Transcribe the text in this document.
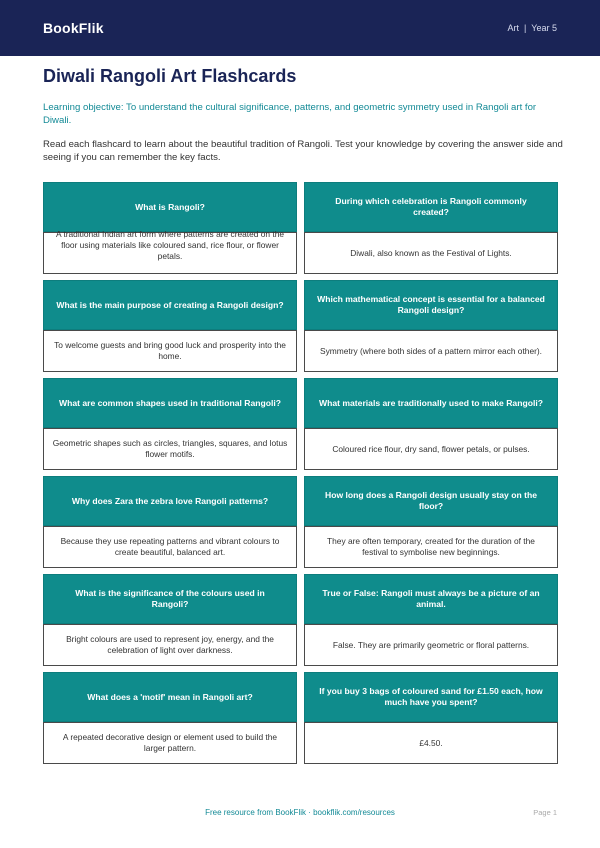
BookFlik	Art | Year 5
Diwali Rangoli Art Flashcards

Learning objective: To understand the cultural significance, patterns, and geometric symmetry used in Rangoli art for Diwali.

Read each flashcard to learn about the beautiful tradition of Rangoli. Test your knowledge by covering the answer side and seeing if you can remember the key facts.

What is Rangoli?
A traditional Indian art form where patterns are created on the floor using materials like coloured sand, rice flour, or flower petals.
During which celebration is Rangoli commonly created?
Diwali, also known as the Festival of Lights.
What is the main purpose of creating a Rangoli design?
To welcome guests and bring good luck and prosperity into the home.
Which mathematical concept is essential for a balanced Rangoli design?
Symmetry (where both sides of a pattern mirror each other).
What are common shapes used in traditional Rangoli?
Geometric shapes such as circles, triangles, squares, and lotus flower motifs.
What materials are traditionally used to make Rangoli?
Coloured rice flour, dry sand, flower petals, or pulses.
Why does Zara the zebra love Rangoli patterns?
Because they use repeating patterns and vibrant colours to create beautiful, balanced art.
How long does a Rangoli design usually stay on the floor?
They are often temporary, created for the duration of the festival to symbolise new beginnings.
What is the significance of the colours used in Rangoli?
Bright colours are used to represent joy, energy, and the celebration of light over darkness.
True or False: Rangoli must always be a picture of an animal.
False. They are primarily geometric or floral patterns.
What does a 'motif' mean in Rangoli art?
A repeated decorative design or element used to build the larger pattern.
If you buy 3 bags of coloured sand for £1.50 each, how much have you spent?
£4.50.
Free resource from BookFlik · bookflik.com/resources	Page 1
